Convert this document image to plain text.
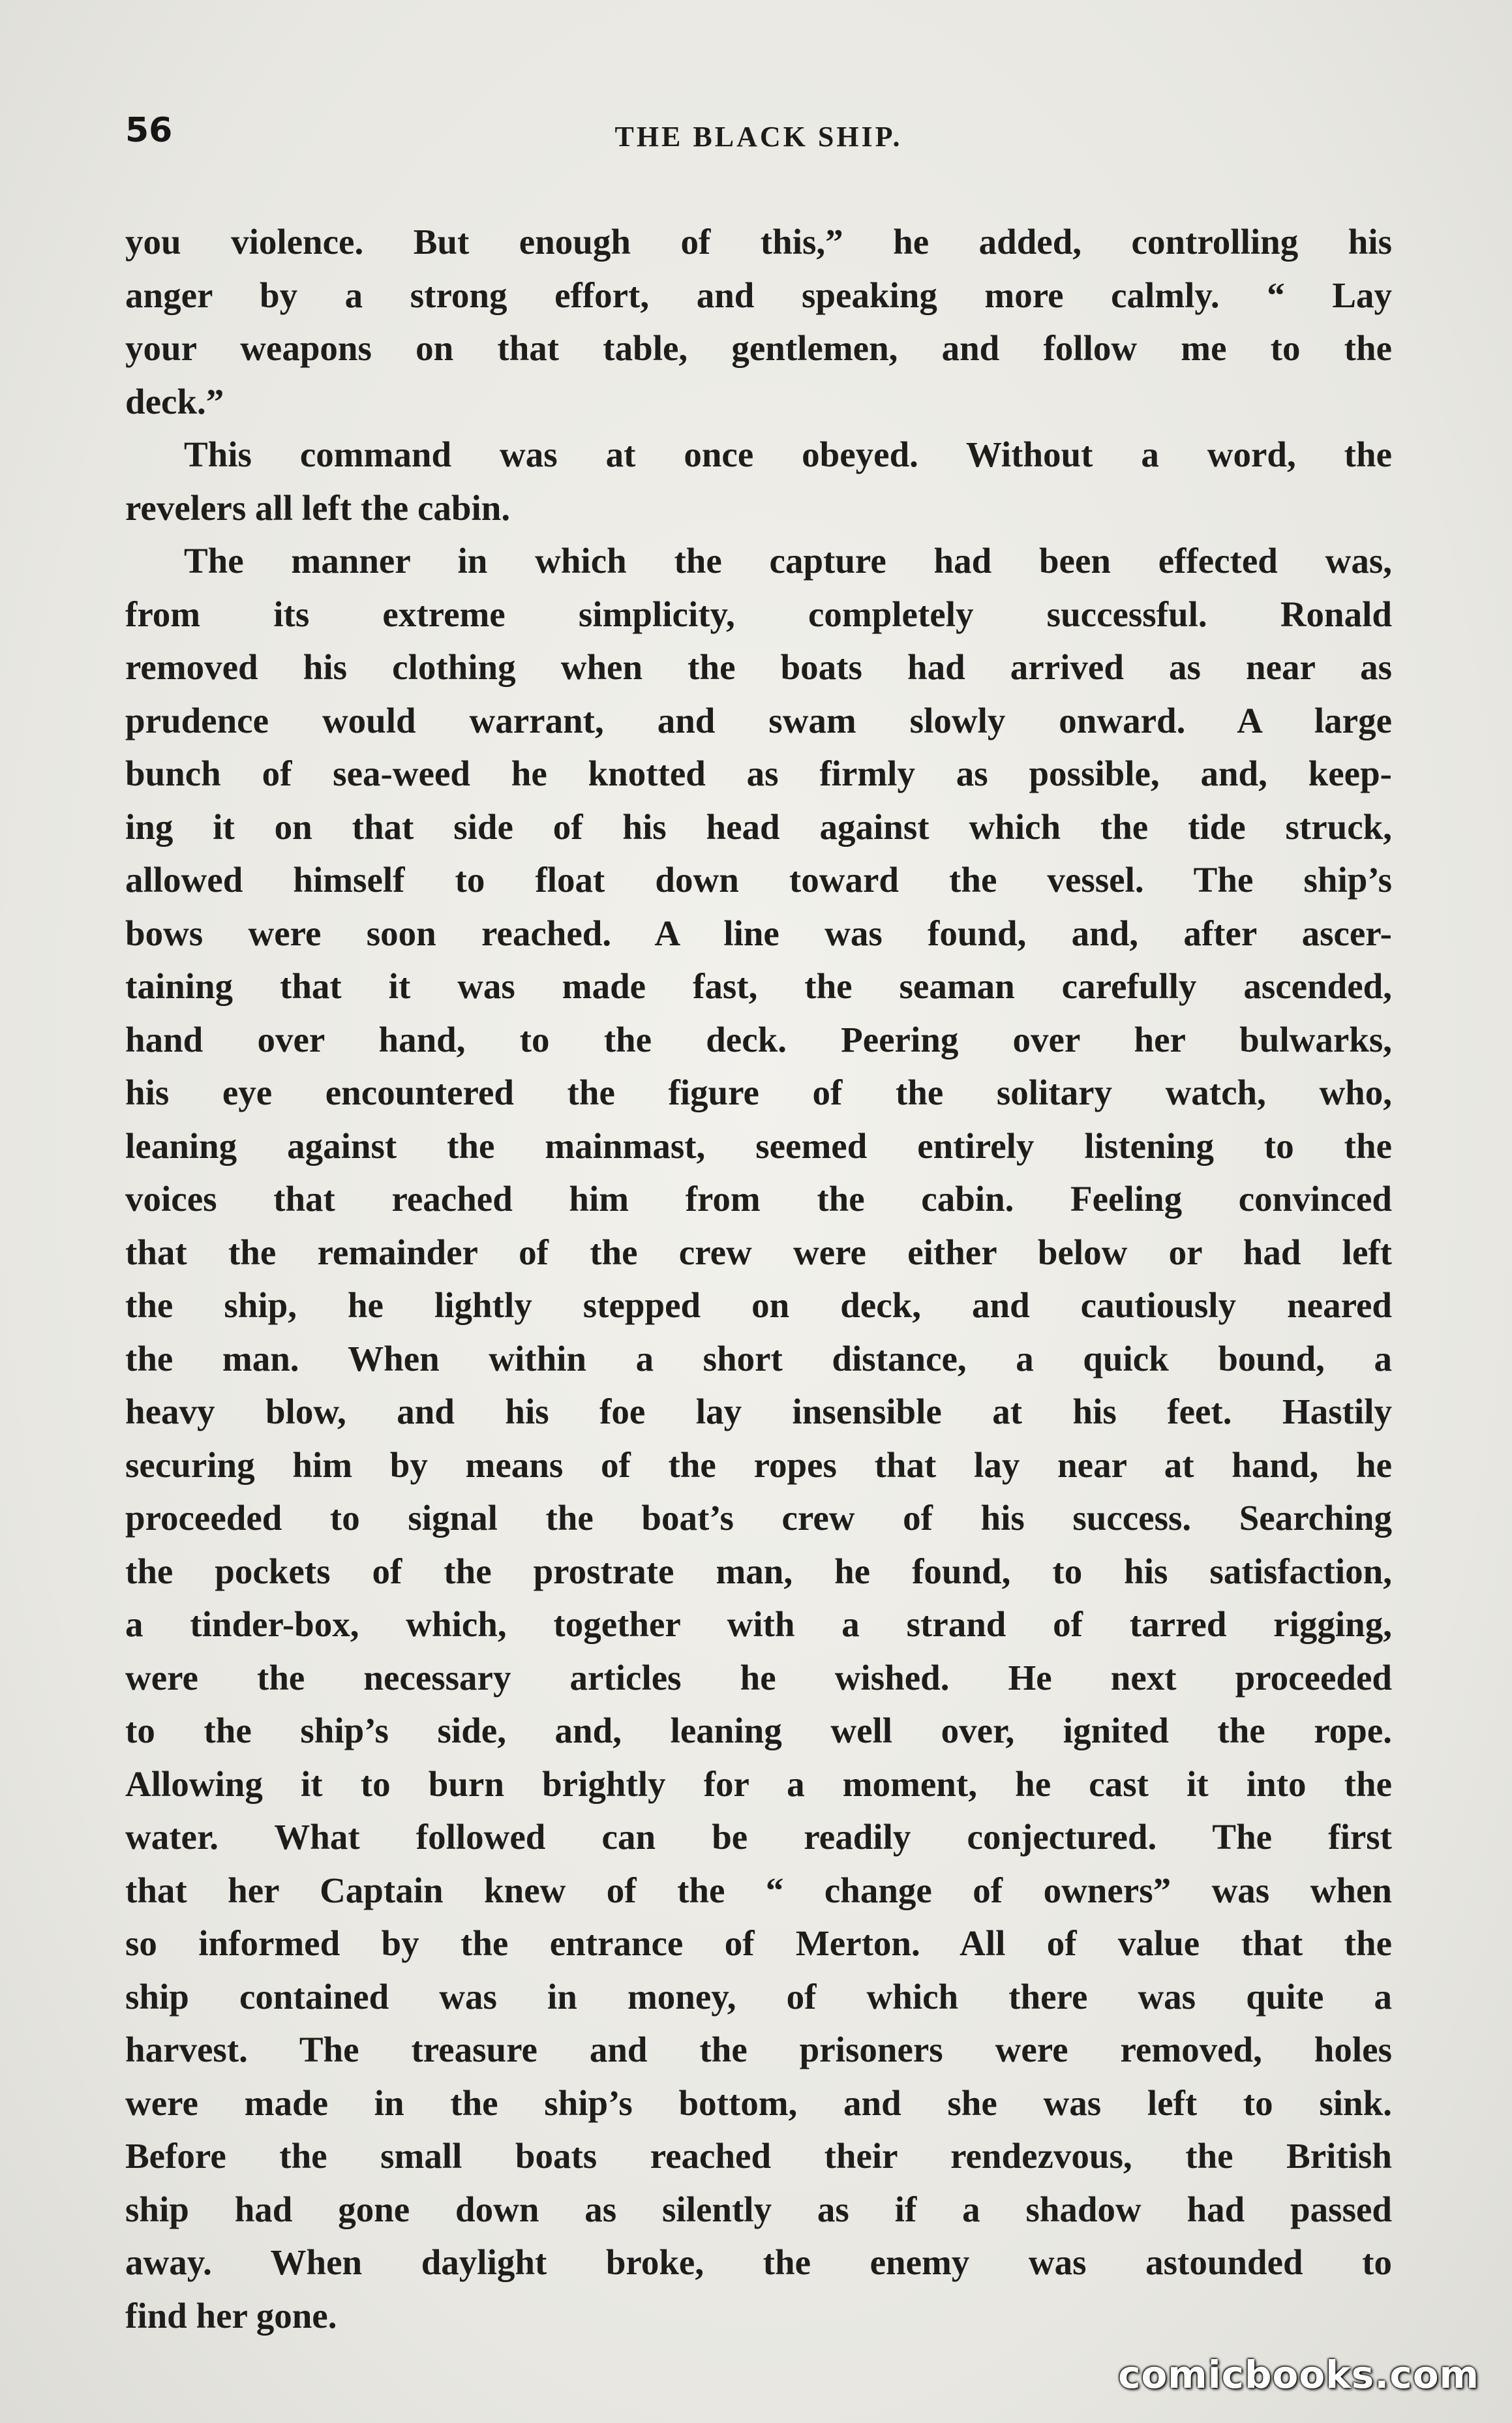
56	THE BLACK SHIP.
you violence. But enough of this,” he added, controlling his
anger by a strong effort, and speaking more calmly. “ Lay
your weapons on that table, gentlemen, and follow me to the
deck.”
This command was at once obeyed. Without a word, the
revelers all left the cabin.
The manner in which the capture had been effected was,
from its extreme simplicity, completely successful. Ronald
removed his clothing when the boats had arrived as near as
prudence would warrant, and swam slowly onward. A large
bunch of sea-weed he knotted as firmly as possible, and, keep-
ing it on that side of his head against which the tide struck,
allowed himself to float down toward the vessel. The ship’s
bows were soon reached. A line was found, and, after ascer-
taining that it was made fast, the seaman carefully ascended,
hand over hand, to the deck. Peering over her bulwarks,
his eye encountered the figure of the solitary watch, who,
leaning against the mainmast, seemed entirely listening to the
voices that reached him from the cabin. Feeling convinced
that the remainder of the crew were either below or had left
the ship, he lightly stepped on deck, and cautiously neared
the man. When within a short distance, a quick bound, a
heavy blow, and his foe lay insensible at his feet. Hastily
securing him by means of the ropes that lay near at hand, he
proceeded to signal the boat’s crew of his success. Searching
the pockets of the prostrate man, he found, to his satisfaction,
a tinder-box, which, together with a strand of tarred rigging,
were the necessary articles he wished. He next proceeded
to the ship’s side, and, leaning well over, ignited the rope.
Allowing it to burn brightly for a moment, he cast it into the
water. What followed can be readily conjectured. The first
that her Captain knew of the “ change of owners” was when
so informed by the entrance of Merton. All of value that the
ship contained was in money, of which there was quite a
harvest. The treasure and the prisoners were removed, holes
were made in the ship’s bottom, and she was left to sink.
Before the small boats reached their rendezvous, the British
ship had gone down as silently as if a shadow had passed
away. When daylight broke, the enemy was astounded to
find her gone.
comicbooks.com
